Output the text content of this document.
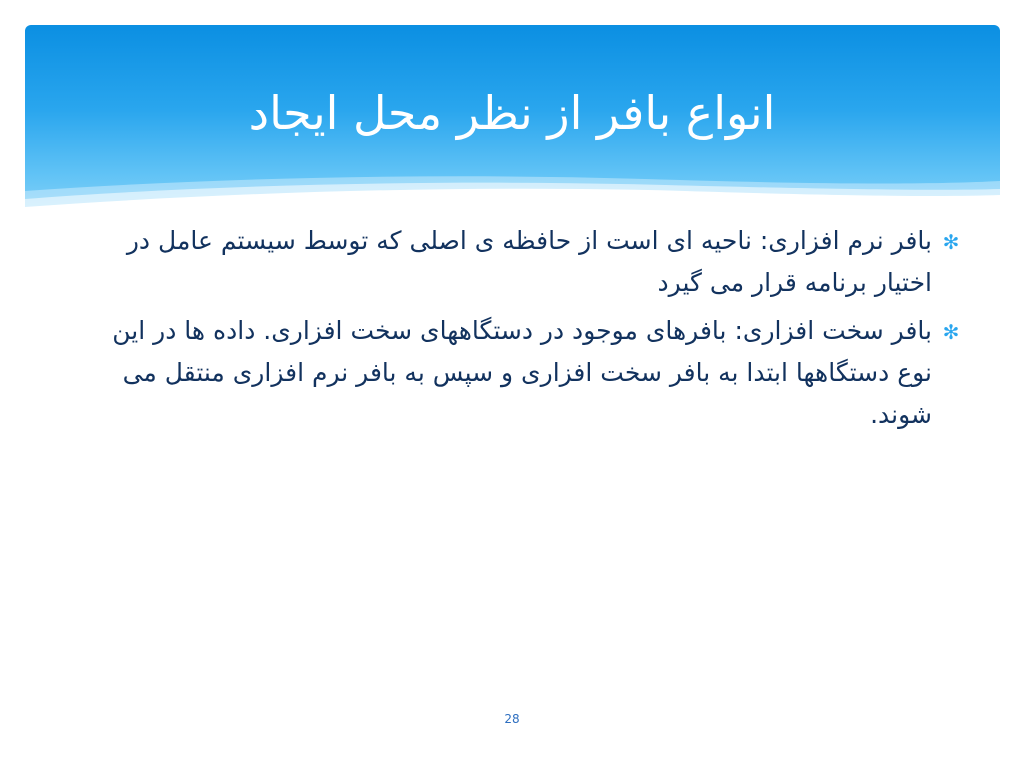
انواع بافر از نظر محل ایجاد
✻
بافر نرم افزاری: ناحیه ای است از حافظه ی اصلی که توسط سیستم عامل در اختیار برنامه قرار می گیرد
✻
بافر سخت افزاری: بافرهای موجود در دستگاههای سخت افزاری. داده ها در این نوع دستگاهها ابتدا به بافر سخت افزاری و سپس به بافر نرم افزاری منتقل می شوند.
28
